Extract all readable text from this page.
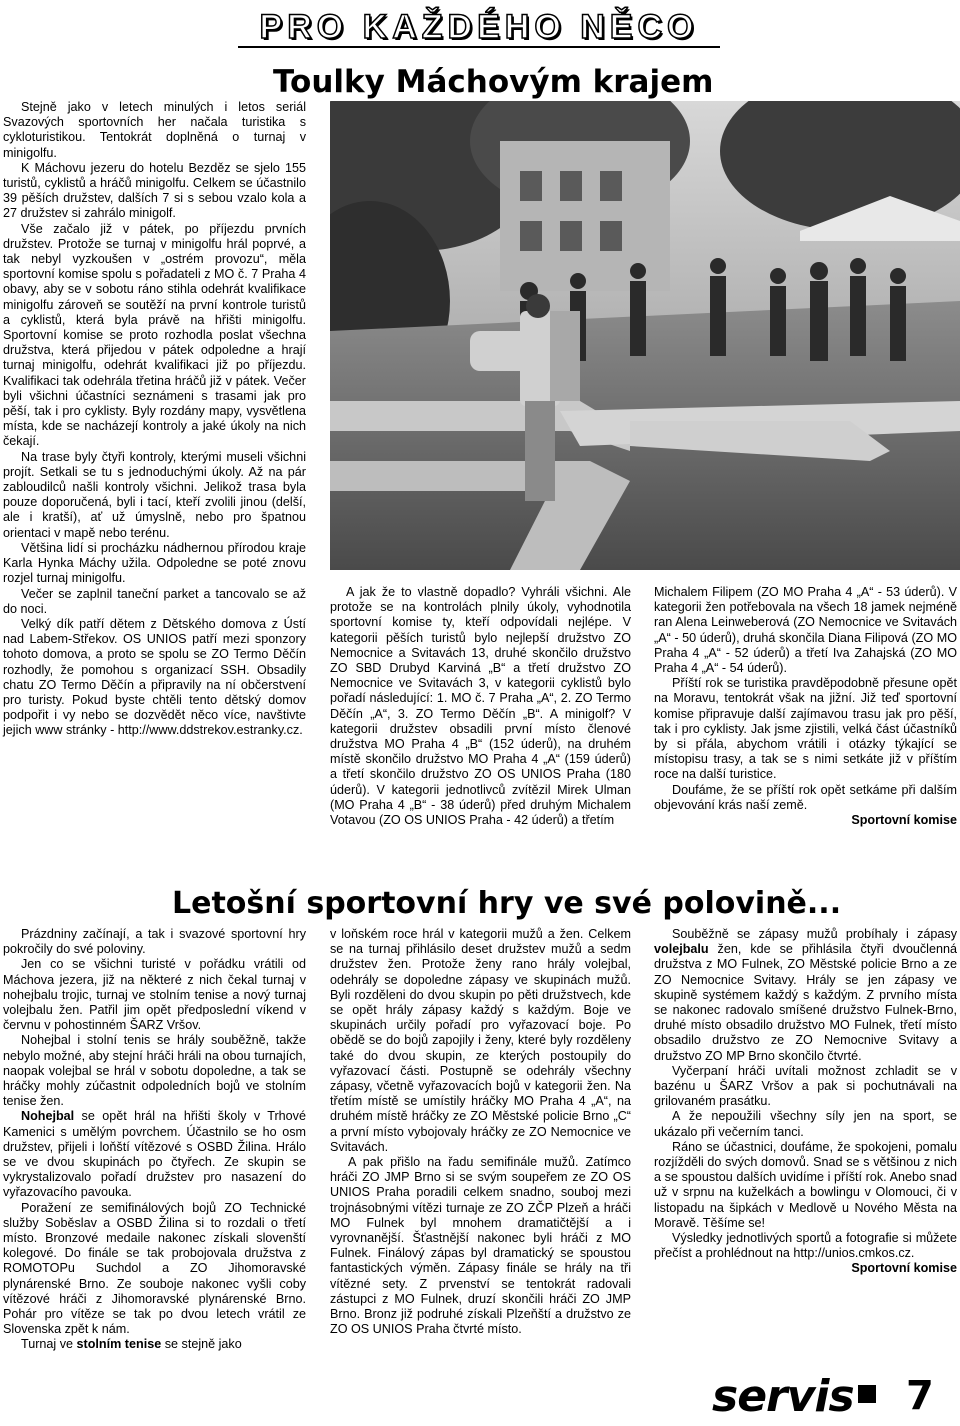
PRO KAŽDÉHO NĚCO
Toulky Máchovým krajem

Stejně jako v letech minulých i letos seriál Svazových sportovních her načala turistika s cykloturistikou. Tentokrát doplněná o turnaj v minigolfu.

K Máchovu jezeru do hotelu Bezděz se sjelo 155 turistů, cyklistů a hráčů minigolfu. Celkem se účastnilo 39 pěších družstev, dalších 7 si s sebou vzalo kola a 27 družstev si zahrálo minigolf.

Vše začalo již v pátek, po příjezdu prvních družstev. Protože se turnaj v minigolfu hrál poprvé, a tak nebyl vyzkoušen v „ostrém provozu“, měla sportovní komise spolu s pořadateli z MO č. 7 Praha 4 obavy, aby se v sobotu ráno stihla odehrát kvalifikace minigolfu zároveň se soutěží na první kontrole turistů a cyklistů, která byla právě na hřišti minigolfu. Sportovní komise se proto rozhodla poslat všechna družstva, která přijedou v pátek odpoledne a hrají turnaj minigolfu, odehrát kvalifikaci již po příjezdu. Kvalifikaci tak odehrála třetina hráčů již v pátek. Večer byli všichni účastníci seznámeni s trasami jak pro pěší, tak i pro cyklisty. Byly rozdány mapy, vysvětlena místa, kde se nacházejí kontroly a jaké úkoly na nich čekají.

Na trase byly čtyři kontroly, kterými museli všichni projít. Setkali se tu s jednoduchými úkoly. Až na pár zabloudilců našli kontroly všichni. Jelikož trasa byla pouze doporučená, byli i tací, kteří zvolili jinou (delší, ale i kratší), ať už úmyslně, nebo pro špatnou orientaci v mapě nebo terénu.

Většina lidí si procházku nádhernou přírodou kraje Karla Hynka Máchy užila. Odpoledne se poté znovu rozjel turnaj minigolfu.

Večer se zaplnil taneční parket a tancovalo se až do noci.

Velký dík patří dětem z Dětského domova z Ústí nad Labem-Střekov. OS UNIOS patří mezi sponzory tohoto domova, a proto se spolu se ZO Termo Děčín rozhodly, že pomohou s organizací SSH. Obsadily chatu ZO Termo Děčín a připravily na ní občerstvení pro turisty. Pokud byste chtěli tento dětský domov podpořit i vy nebo se dozvědět něco více, navštivte jejich www stránky - http://www.ddstrekov.estranky.cz.

A jak že to vlastně dopadlo? Vyhráli všichni. Ale protože se na kontrolách plnily úkoly, vyhodnotila sportovní komise ty, kteří odpovídali nejlépe. V kategorii pěších turistů bylo nejlepší družstvo ZO Nemocnice a Svitavách 13, druhé skončilo družstvo ZO SBD Drubyd Karviná „B“ a třetí družstvo ZO Nemocnice ve Svitavách 3, v kategorii cyklistů bylo pořadí následující: 1. MO č. 7 Praha „A“, 2. ZO Termo Děčín „A“, 3. ZO Termo Děčín „B“. A minigolf? V kategorii družstev obsadili první místo členové družstva MO Praha 4 „B“ (152 úderů), na druhém místě skončilo družstvo MO Praha 4 „A“ (159 úderů) a třetí skončilo družstvo ZO OS UNIOS Praha (180 úderů). V kategorii jednotlivců zvítězil Mirek Ulman (MO Praha 4 „B“ - 38 úderů) před druhým Michalem Votavou (ZO OS UNIOS Praha - 42 úderů) a třetím

Michalem Filipem (ZO MO Praha 4 „A“ - 53 úderů). V kategorii žen potřebovala na všech 18 jamek nejméně ran Alena Leinweberová (ZO Nemocnice ve Svitavách „A“ - 50 úderů), druhá skončila Diana Filipová (ZO MO Praha 4 „A“ - 52 úderů) a třetí Iva Zahajská (ZO MO Praha 4 „A“ - 54 úderů).

Příští rok se turistika pravděpodobně přesune opět na Moravu, tentokrát však na jižní. Již teď sportovní komise připravuje další zajímavou trasu jak pro pěší, tak i pro cyklisty. Jak jsme zjistili, velká část účastníků by si přála, abychom vrátili i otázky týkající se místopisu trasy, a tak se s nimi setkáte již v příštím roce na další turistice.

Doufáme, že se příští rok opět setkáme při dalším objevování krás naší země.

Sportovní komise

Letošní sportovní hry ve své polovině...

Prázdniny začínají, a tak i svazové sportovní hry pokročily do své poloviny.

Jen co se všichni turisté v pořádku vrátili od Máchova jezera, již na některé z nich čekal turnaj v nohejbalu trojic, turnaj ve stolním tenise a nový turnaj volejbalu žen. Patřil jim opět předposlední víkend v červnu v pohostinném ŠARZ Vršov.

Nohejbal i stolní tenis se hrály souběžně, takže nebylo možné, aby stejní hráči hráli na obou turnajích, naopak volejbal se hrál v sobotu dopoledne, a tak se hráčky mohly zúčastnit odpoledních bojů ve stolním tenise žen.

Nohejbal se opět hrál na hřišti školy v Trhové Kamenici s umělým povrchem. Účastnilo se ho osm družstev, přijeli i loňští vítězové s OSBD Žilina. Hrálo se ve dvou skupinách po čtyřech. Ze skupin se vykrystalizovalo pořadí družstev pro nasazení do vyřazovacího pavouka.

Poražení ze semifinálových bojů ZO Technické služby Soběslav a OSBD Žilina si to rozdali o třetí místo. Bronzové medaile nakonec získali slovenští kolegové. Do finále se tak probojovala družstva z ROMOTOPu Suchdol a ZO Jihomoravské plynárenské Brno. Ze souboje nakonec vyšli coby vítězové hráči z Jihomoravské plynárenské Brno. Pohár pro vítěze se tak po dvou letech vrátil ze Slovenska zpět k nám.

Turnaj ve stolním tenise se stejně jako

v loňském roce hrál v kategorii mužů a žen. Celkem se na turnaj přihlásilo deset družstev mužů a sedm družstev žen. Protože ženy rano hrály volejbal, odehrály se dopoledne zápasy ve skupinách mužů. Byli rozděleni do dvou skupin po pěti družstvech, kde se opět hrály zápasy každý s každým. Boje ve skupinách určily pořadí pro vyřazovací boje. Po obědě se do bojů zapojily i ženy, které byly rozděleny také do dvou skupin, ze kterých postoupily do vyřazovací části. Postupně se odehrály všechny zápasy, včetně vyřazovacích bojů v kategorii žen. Na třetím místě se umístily hráčky MO Praha 4 „A“, na druhém místě hráčky ze ZO Městské policie Brno „C“ a první místo vybojovaly hráčky ze ZO Nemocnice ve Svitavách.

A pak přišlo na řadu semifinále mužů. Zatímco hráči ZO JMP Brno si se svým soupeřem ze ZO OS UNIOS Praha poradili celkem snadno, souboj mezi trojnásobnými vítězi turnaje ze ZO ZČP Plzeň a hráči MO Fulnek byl mnohem dramatičtější a i vyrovnanější. Šťastnější nakonec byli hráči z MO Fulnek. Finálový zápas byl dramatický se spoustou fantastických výměn. Zápasy finále se hrály na tři vítězné sety. Z prvenství se tentokrát radovali zástupci z MO Fulnek, druzí skončili hráči ZO JMP Brno. Bronz již podruhé získali Plzeňští a družstvo ze ZO OS UNIOS Praha čtvrté místo.

Souběžně se zápasy mužů probíhaly i zápasy volejbalu žen, kde se přihlásila čtyři dvoučlenná družstva z MO Fulnek, ZO Městské policie Brno a ze ZO Nemocnice Svitavy. Hrály se jen zápasy ve skupině systémem každý s každým. Z prvního místa se nakonec radovalo smíšené družstvo Fulnek-Brno, druhé místo obsadilo družstvo MO Fulnek, třetí místo obsadilo družstvo ze ZO Nemocnive Svitavy a družstvo ZO MP Brno skončilo čtvrté.

Vyčerpaní hráči uvítali možnost zchladit se v bazénu u ŠARZ Vršov a pak si pochutnávali na grilovaném prasátku.

A že nepoužili všechny síly jen na sport, se ukázalo při večerním tanci.

Ráno se účastnici, doufáme, že spokojeni, pomalu rozjížděli do svých domovů. Snad se s většinou z nich a se spoustou dalších uvidíme i příští rok. Anebo snad už v srpnu na kuželkách a bowlingu v Olomouci, či v listopadu na šipkách v Medlově u Nového Města na Moravě. Těšíme se!

Výsledky jednotlivých sportů a fotografie si můžete přečíst a prohlédnout na http://unios.cmkos.cz.

Sportovní komise

servis 7
